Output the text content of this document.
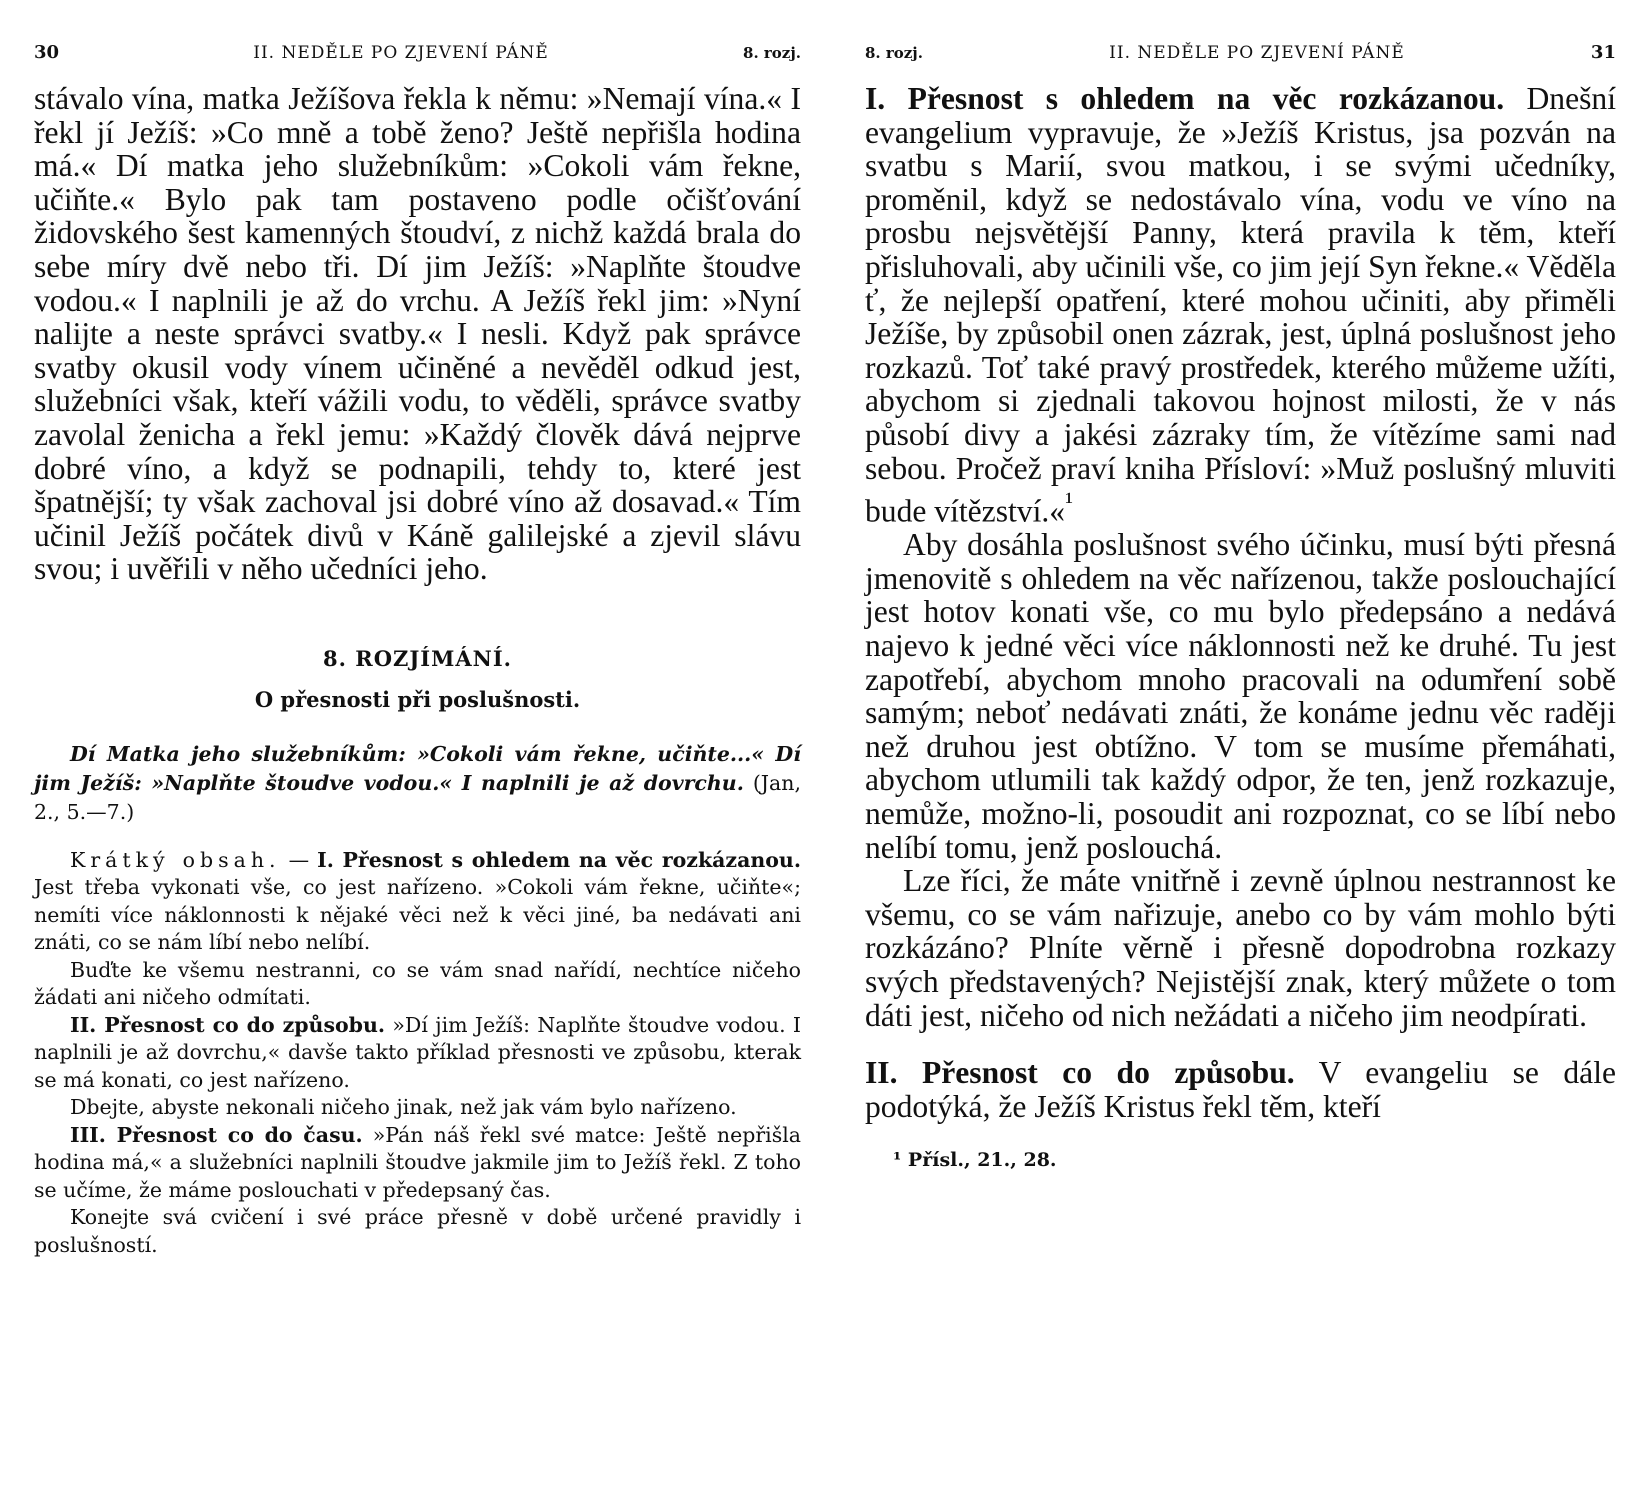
30	II. NEDĚLE PO ZJEVENÍ PÁNĚ	8. rozj.

stávalo vína, matka Ježíšova řekla k němu: »Nemají vína.« I řekl jí Ježíš: »Co mně a tobě ženo? Ještě nepřišla hodina má.« Dí matka jeho služebníkům: »Cokoli vám řekne, učiňte.« Bylo pak tam postaveno podle očišťování židovského šest kamenných štoudví, z nichž každá brala do sebe míry dvě nebo tři. Dí jim Ježíš: »Naplňte štoudve vodou.« I naplnili je až do vrchu. A Ježíš řekl jim: »Nyní nalijte a neste správci svatby.« I nesli. Když pak správce svatby okusil vody vínem učiněné a nevěděl odkud jest, služebníci však, kteří vážili vodu, to věděli, správce svatby zavolal ženicha a řekl jemu: »Každý člověk dává nejprve dobré víno, a když se podnapili, tehdy to, které jest špatnější; ty však zachoval jsi dobré víno až dosavad.« Tím učinil Ježíš počátek divů v Káně galilejské a zjevil slávu svou; i uvěřili v něho učedníci jeho.

8. ROZJÍMÁNÍ.
O přesnosti při poslušnosti.

Dí Matka jeho služebníkům: »Cokoli vám řekne, učiňte...« Dí jim Ježíš: »Naplňte štoudve vodou.« I naplnili je až dovrchu. (Jan, 2., 5.—7.)

Krátký obsah. — I. Přesnost s ohledem na věc rozkázanou. Jest třeba vykonati vše, co jest nařízeno. »Cokoli vám řekne, učiňte«; nemíti více náklonnosti k nějaké věci než k věci jiné, ba nedávati ani znáti, co se nám líbí nebo nelíbí.

Buďte ke všemu nestranni, co se vám snad nařídí, nechtíce ničeho žádati ani ničeho odmítati.

II. Přesnost co do způsobu. »Dí jim Ježíš: Naplňte štoudve vodou. I naplnili je až dovrchu,« davše takto příklad přesnosti ve způsobu, kterak se má konati, co jest nařízeno.

Dbejte, abyste nekonali ničeho jinak, než jak vám bylo nařízeno.

III. Přesnost co do času. »Pán náš řekl své matce: Ještě nepřišla hodina má,« a služebníci naplnili štoudve jakmile jim to Ježíš řekl. Z toho se učíme, že máme poslouchati v předepsaný čas.

Konejte svá cvičení i své práce přesně v době určené pravidly i poslušností.

8. rozj.	II. NEDĚLE PO ZJEVENÍ PÁNĚ	31

I. Přesnost s ohledem na věc rozkázanou. Dnešní evangelium vypravuje, že »Ježíš Kristus, jsa pozván na svatbu s Marií, svou matkou, i se svými učedníky, proměnil, když se nedostávalo vína, vodu ve víno na prosbu nejsvětější Panny, která pravila k těm, kteří přisluhovali, aby učinili vše, co jim její Syn řekne.« Věděla ť, že nejlepší opatření, které mohou učiniti, aby přiměli Ježíše, by způsobil onen zázrak, jest, úplná poslušnost jeho rozkazů. Toť také pravý prostředek, kterého můžeme užíti, abychom si zjednali takovou hojnost milosti, že v nás působí divy a jakési zázraky tím, že vítězíme sami nad sebou. Pročež praví kniha Přísloví: »Muž poslušný mluviti bude vítězství.«$^{^1}$

Aby dosáhla poslušnost svého účinku, musí býti přesná jmenovitě s ohledem na věc nařízenou, takže poslouchající jest hotov konati vše, co mu bylo předepsáno a nedává najevo k jedné věci více náklonnosti než ke druhé. Tu jest zapotřebí, abychom mnoho pracovali na odumření sobě samým; neboť nedávati znáti, že konáme jednu věc raději než druhou jest obtížno. V tom se musíme přemáhati, abychom utlumili tak každý odpor, že ten, jenž rozkazuje, nemůže, možno-li, posoudit ani rozpoznat, co se líbí nebo nelíbí tomu, jenž poslouchá.

Lze říci, že máte vnitřně i zevně úplnou nestrannost ke všemu, co se vám nařizuje, anebo co by vám mohlo býti rozkázáno? Plníte věrně i přesně dopodrobna rozkazy svých představených? Nejistější znak, který můžete o tom dáti jest, ničeho od nich nežádati a ničeho jim neodpírati.

II. Přesnost co do způsobu. V evangeliu se dále podotýká, že Ježíš Kristus řekl těm, kteří

¹ Přísl., 21., 28.
